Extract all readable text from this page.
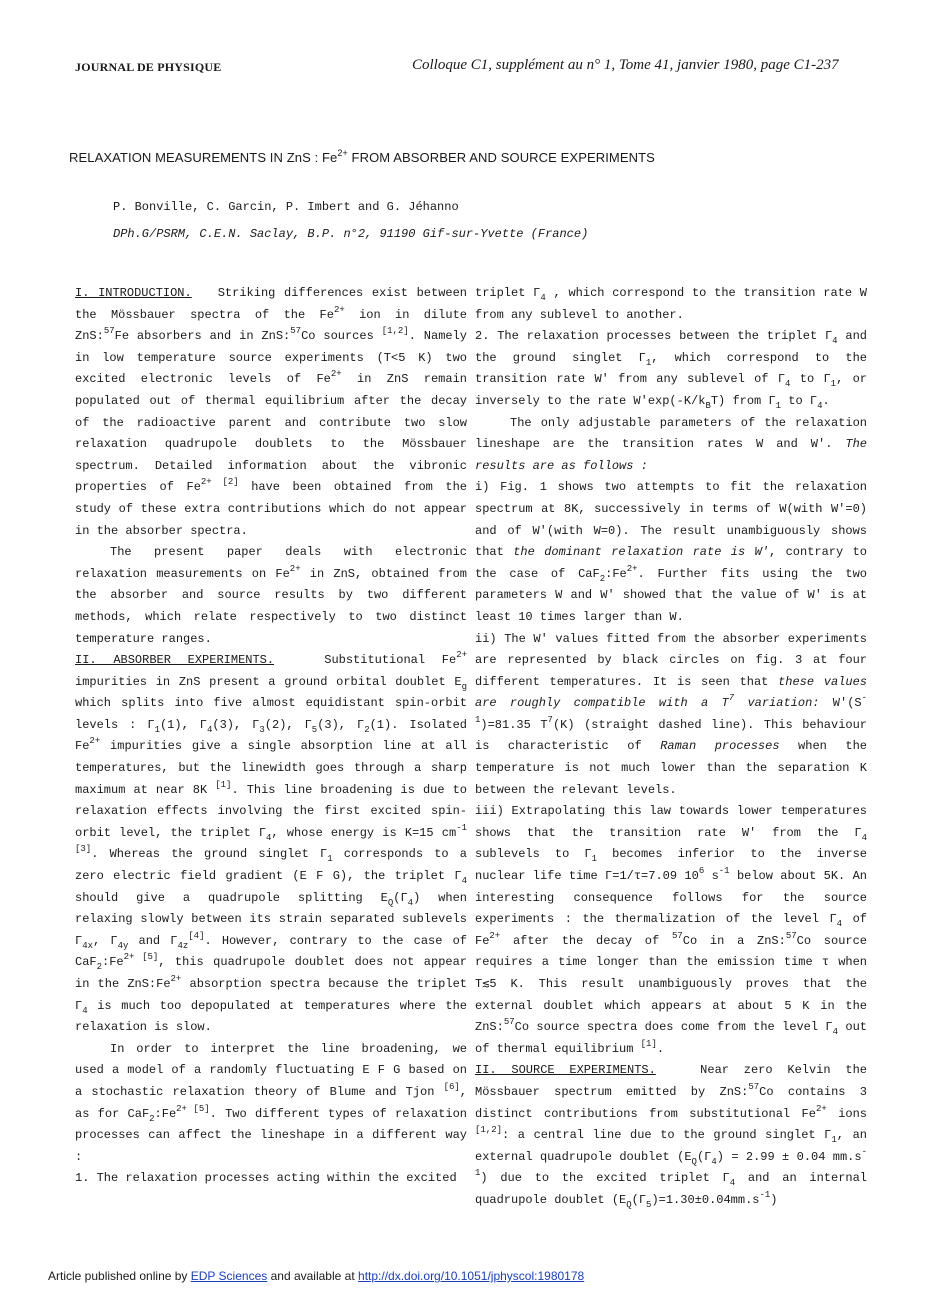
JOURNAL DE PHYSIQUE	Colloque C1, supplément au n° 1, Tome 41, janvier 1980, page C1-237
RELAXATION MEASUREMENTS IN ZnS : $Fe^{2+}$ FROM ABSORBER AND SOURCE EXPERIMENTS
P. Bonville, C. Garcin, P. Imbert and G. Jéhanno
DPh.G/PSRM, C.E.N. Saclay, B.P. n°2, 91190 Gif-sur-Yvette (France)

I. INTRODUCTION.   Striking differences exist between the Mössbauer spectra of the $Fe^{2+}$ ion in dilute ZnS:$^{57}$Fe absorbers and in ZnS:$^{57}$Co sources [1,2]. Namely in low temperature source experiments (T<5 K) two excited electronic levels of $Fe^{2+}$ in ZnS remain populated out of thermal equilibrium after the decay of the radioactive parent and contribute two slow relaxation quadrupole doublets to the Mössbauer spectrum. Detailed information about the vibronic properties of $Fe^{2+ [2]}$ have been obtained from the study of these extra contributions which do not appear in the absorber spectra.

The present paper deals with electronic relaxation measurements on $Fe^{2+}$ in ZnS, obtained from the absorber and source results by two different methods, which relate respectively to two distinct temperature ranges.

II. ABSORBER EXPERIMENTS.   Substitutional $Fe^{2+}$ impurities in ZnS present a ground orbital doublet $E_g$ which splits into five almost equidistant spin-orbit levels : $\Gamma_1(1)$, $\Gamma_4(3)$, $\Gamma_3(2)$, $\Gamma_5(3)$, $\Gamma_2(1)$. Isolated $Fe^{2+}$ impurities give a single absorption line at all temperatures, but the linewidth goes through a sharp maximum at near 8K [1]. This line broadening is due to relaxation effects involving the first excited spin-orbit level, the triplet $\Gamma_4$, whose energy is K=15 $cm^{-1}$ [3]. Whereas the ground singlet $\Gamma_1$ corresponds to a zero electric field gradient (E F G), the triplet $\Gamma_4$ should give a quadrupole splitting $E_Q(\Gamma_4)$ when relaxing slowly between its strain separated sublevels $\Gamma_{4x}$, $\Gamma_{4y}$ and $\Gamma_{4z}[4]$. However, contrary to the case of $CaF_2:Fe^{2+ [5]}$, this quadrupole doublet does not appear in the $ZnS:Fe^{2+}$ absorption spectra because the triplet $\Gamma_4$ is much too depopulated at temperatures where the relaxation is slow.

In order to interpret the line broadening, we used a model of a randomly fluctuating E F G based on a stochastic relaxation theory of Blume and Tjon [6], as for $CaF_2:Fe^{2+ [5]}$. Two different types of relaxation processes can affect the lineshape in a different way :

1. The relaxation processes acting within the excited

triplet $\Gamma_4$ , which correspond to the transition rate W from any sublevel to another.

2. The relaxation processes between the triplet $\Gamma_4$ and the ground singlet $\Gamma_1$, which correspond to the transition rate W' from any sublevel of $\Gamma_4$ to $\Gamma_1$, or inversely to the rate $W'\exp(-K/k_BT)$ from $\Gamma_1$ to $\Gamma_4$.

The only adjustable parameters of the relaxation lineshape are the transition rates W and W'. The results are as follows :

i) Fig. 1 shows two attempts to fit the relaxation spectrum at 8K, successively in terms of W(with W'=0) and of W'(with W=0). The result unambiguously shows that the dominant relaxation rate is W', contrary to the case of $CaF_2:Fe^{2+}$. Further fits using the two parameters W and W' showed that the value of W' is at least 10 times larger than W.

ii) The W' values fitted from the absorber experiments are represented by black circles on fig. 3 at four different temperatures. It is seen that these values are roughly compatible with a $T^7$ variation: $W'(S^{-1})=81.35$ $T^7(K)$ (straight dashed line). This behaviour is characteristic of Raman processes when the temperature is not much lower than the separation K between the relevant levels.

iii) Extrapolating this law towards lower temperatures shows that the transition rate W' from the $\Gamma_4$ sublevels to $\Gamma_1$ becomes inferior to the inverse nuclear life time Γ=1/τ=7.09 $10^6$ $s^{-1}$ below about 5K. An interesting consequence follows for the source experiments : the thermalization of the level $\Gamma_4$ of $Fe^{2+}$ after the decay of $^{57}$Co in a ZnS:$^{57}$Co source requires a time longer than the emission time τ when T≲5 K. This result unambiguously proves that the external doublet which appears at about 5 K in the ZnS:$^{57}$Co source spectra does come from the level $\Gamma_4$ out of thermal equilibrium [1].

II. SOURCE EXPERIMENTS.   Near zero Kelvin the Mössbauer spectrum emitted by ZnS:$^{57}$Co contains 3 distinct contributions from substitutional $Fe^{2+}$ ions [1,2]: a central line due to the ground singlet $\Gamma_1$, an external quadrupole doublet ($E_Q(\Gamma_4) = 2.99 \pm 0.04$ $mm.s^{-1}$) due to the excited triplet $\Gamma_4$ and an internal quadrupole doublet $(E_Q(\Gamma_5)=1.30\pm 0.04mm.s^{-1})$

Article published online by EDP Sciences and available at http://dx.doi.org/10.1051/jphyscol:1980178
